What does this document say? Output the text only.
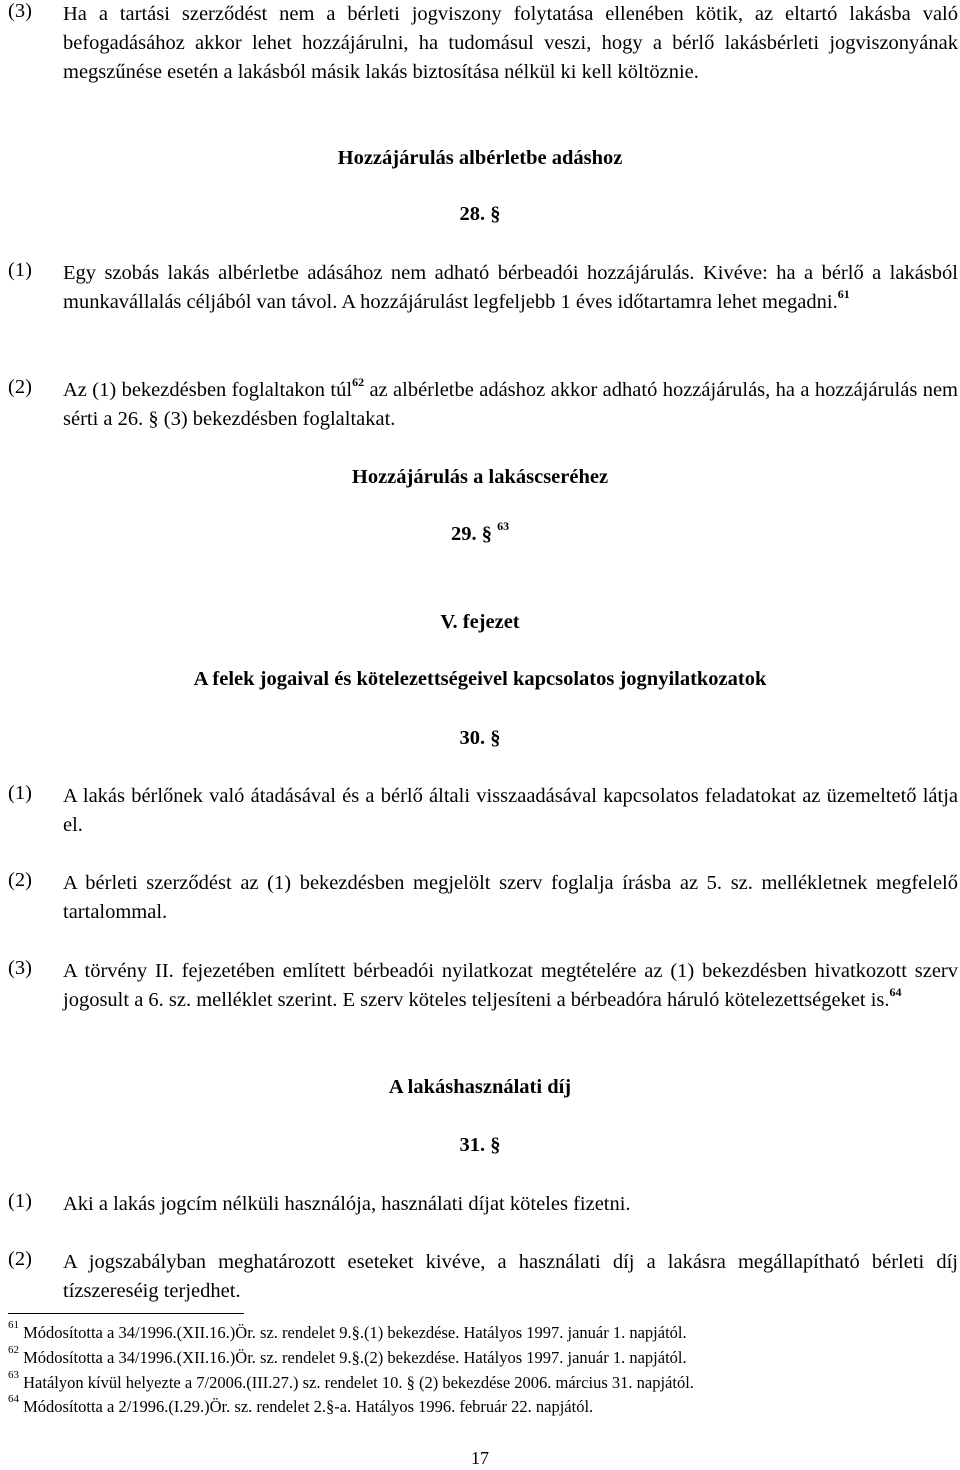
(3) Ha a tartási szerződést nem a bérleti jogviszony folytatása ellenében kötik, az eltartó lakásba való befogadásához akkor lehet hozzájárulni, ha tudomásul veszi, hogy a bérlő lakásbérleti jogviszonyának megszűnése esetén a lakásból másik lakás biztosítása nélkül ki kell költöznie.
Hozzájárulás albérletbe adáshoz
28. §
(1) Egy szobás lakás albérletbe adásához nem adható bérbeadói hozzájárulás. Kivéve: ha a bérlő a lakásból munkavállalás céljából van távol. A hozzájárulást legfeljebb 1 éves időtartamra lehet megadni.$^{61}$
(2) Az (1) bekezdésben foglaltakon túl$^{62}$ az albérletbe adáshoz akkor adható hozzájárulás, ha a hozzájárulás nem sérti a 26. § (3) bekezdésben foglaltakat.
Hozzájárulás a lakáscseréhez
29. § $^{63}$
V. fejezet
A felek jogaival és kötelezettségeivel kapcsolatos jognyilatkozatok
30. §
(1) A lakás bérlőnek való átadásával és a bérlő általi visszaadásával kapcsolatos feladatokat az üzemeltető látja el.
(2) A bérleti szerződést az (1) bekezdésben megjelölt szerv foglalja írásba az 5. sz. mellékletnek megfelelő tartalommal.
(3) A törvény II. fejezetében említett bérbeadói nyilatkozat megtételére az (1) bekezdésben hivatkozott szerv jogosult a 6. sz. melléklet szerint. E szerv köteles teljesíteni a bérbeadóra háruló kötelezettségeket is.$^{64}$
A lakáshasználati díj
31. §
(1) Aki a lakás jogcím nélküli használója, használati díjat köteles fizetni.
(2) A jogszabályban meghatározott eseteket kivéve, a használati díj a lakásra megállapítható bérleti díj tízszereséig terjedhet.
$^{61}$ Módosította a 34/1996.(XII.16.)Ör. sz. rendelet 9.§.(1) bekezdése. Hatályos 1997. január 1. napjától.
$^{62}$ Módosította a 34/1996.(XII.16.)Ör. sz. rendelet 9.§.(2) bekezdése. Hatályos 1997. január 1. napjától.
$^{63}$ Hatályon kívül helyezte a 7/2006.(III.27.) sz. rendelet 10. § (2) bekezdése 2006. március 31. napjától.
$^{64}$ Módosította a 2/1996.(I.29.)Ör. sz. rendelet 2.§-a. Hatályos 1996. február 22. napjától.
17
